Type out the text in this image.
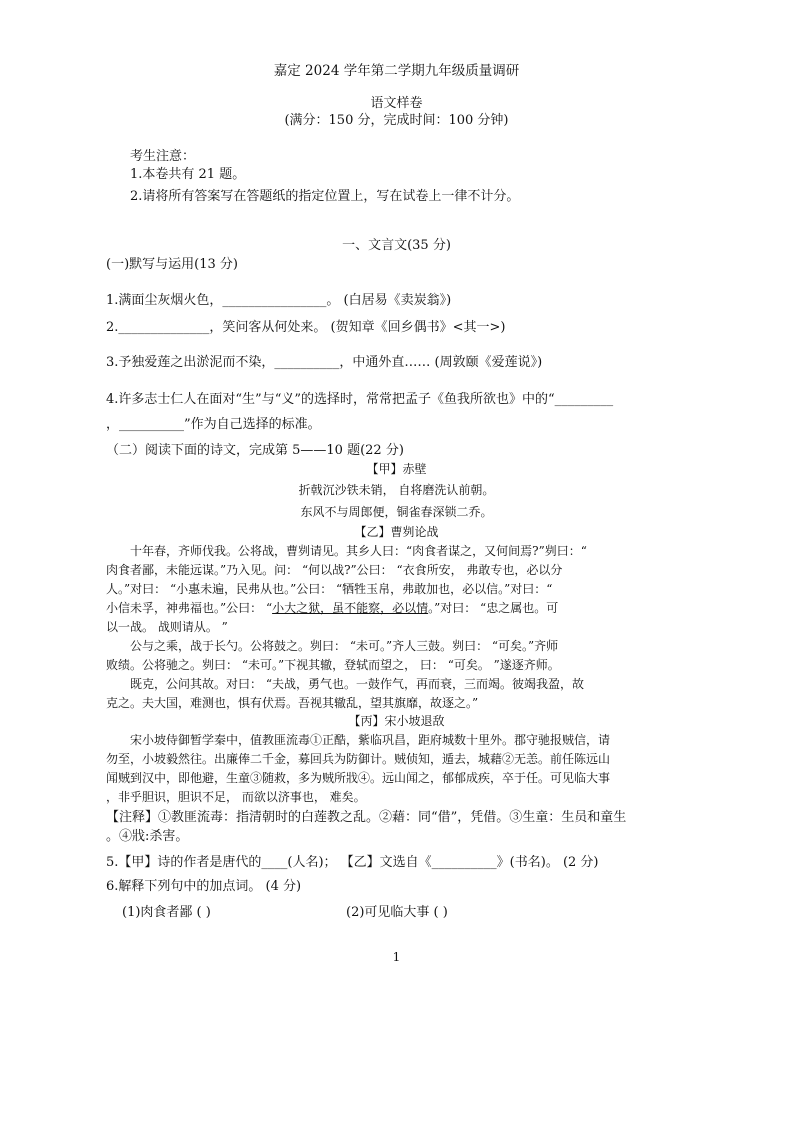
嘉定 2024 学年第二学期九年级质量调研
语文样卷
(满分：150 分，完成时间：100 分钟)
考生注意：
1.本卷共有 21 题。
2.请将所有答案写在答题纸的指定位置上，写在试卷上一律不计分。
一、文言文(35 分)
(一)默写与运用(13 分)
1.满面尘灰烟火色，________________。 (白居易《卖炭翁》)
2.______________，笑问客从何处来。 (贺知章《回乡偶书》<其一>)
3.予独爱莲之出淤泥而不染，__________，中通外直…… (周敦颐《爱莲说》)
4.许多志士仁人在面对“生”与“义”的选择时，常常把孟子《鱼我所欲也》中的“_________
，__________”作为自己选择的标准。
（二）阅读下面的诗文，完成第 5——10 题(22 分)
【甲】赤壁
折戟沉沙铁未销， 自将磨洗认前朝。
东风不与周郎便，铜雀春深锁二乔。
【乙】曹刿论战
十年春，齐师伐我。公将战，曹刿请见。其乡人曰：“肉食者谋之，又何间焉?”刿曰：“
肉食者鄙，未能远谋。”乃入见。问： “何以战?”公曰： “衣食所安， 弗敢专也，必以分
人。”对曰： “小惠未遍，民弗从也。”公曰： “牺牲玉帛，弗敢加也，必以信。”对曰：“
小信未孚，神弗福也。”公曰： “小大之狱，虽不能察，必以情。”对曰： “忠之属也。可
以一战。 战则请从。 ”
公与之乘，战于长勺。公将鼓之。刿曰： “未可。”齐人三鼓。刿曰： “可矣。”齐师
败绩。公将驰之。刿曰： “未可。”下视其辙，登轼而望之， 曰： “可矣。 ”遂逐齐师。
既克，公问其故。对曰： “夫战，勇气也。一鼓作气，再而衰，三而竭。彼竭我盈，故
克之。夫大国，难测也，惧有伏焉。吾视其辙乱，望其旗靡，故逐之。”
【丙】宋小坡退敌
宋小坡侍御暂学秦中，值教匪流毒①正酷，紫临巩昌，距府城数十里外。郡守驰报贼信，请
勿至，小坡毅然往。出廉俸二千金，募回兵为防御计。贼侦知，遁去，城藉②无恙。前任陈远山
闻贼到汉中，即他避，生童③随救，多为贼所戕④。远山闻之，郁郁成疾，卒于任。可见临大事
，非乎胆识，胆识不足， 而欲以济事也， 难矣。
【注释】①教匪流毒：指清朝时的白莲教之乱。②藉：同“借”，凭借。③生童：生员和童生
。④戕:杀害。
5.【甲】诗的作者是唐代的____(人名)； 【乙】文选自《__________》(书名)。 (2 分)
6.解释下列句中的加点词。 (4 分)
(1)肉食者鄙 ( )	(2)可见临大事 ( )
1
